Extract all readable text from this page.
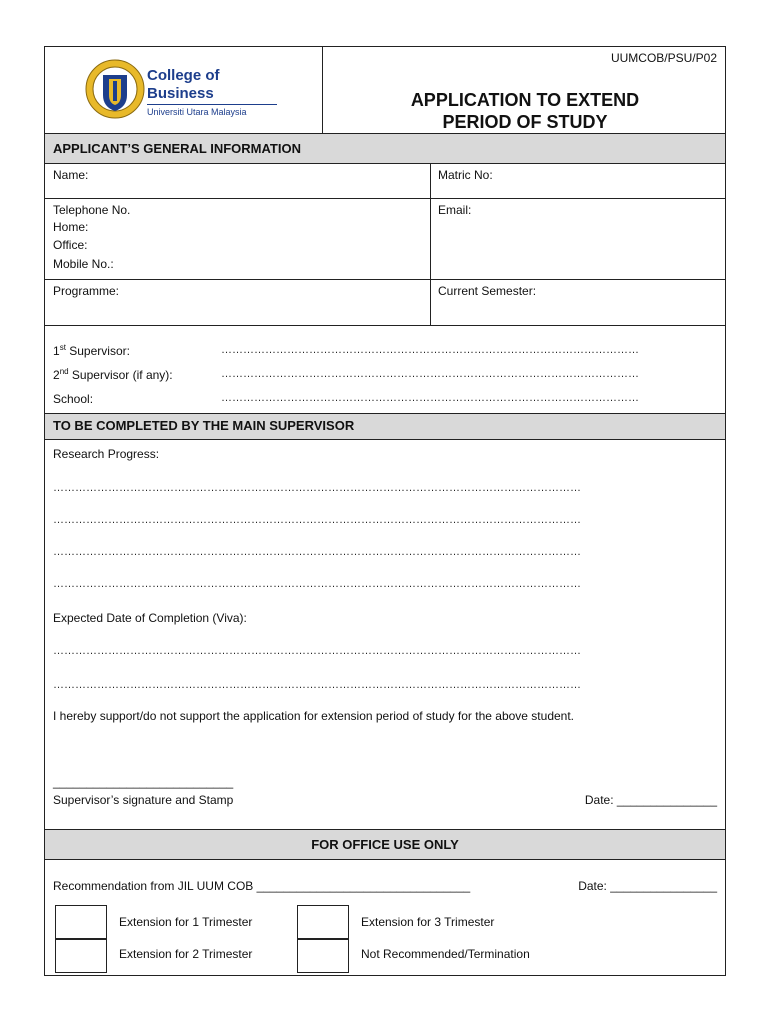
College of
Business
Universiti Utara Malaysia
UUMCOB/PSU/P02
APPLICATION TO EXTEND
PERIOD OF STUDY
APPLICANT’S GENERAL INFORMATION
Name:	Matric No:
Telephone No.
Home:
Office:
Mobile No.:
Email:
Programme:	Current Semester:
1st Supervisor:	……………………………………………………………………………………………………
2nd Supervisor (if any):	……………………………………………………………………………………………………
School:	……………………………………………………………………………………………………
TO BE COMPLETED BY THE MAIN SUPERVISOR
Research Progress:
………………………………………………………………………………………………………………………………
………………………………………………………………………………………………………………………………
………………………………………………………………………………………………………………………………
………………………………………………………………………………………………………………………………
Expected Date of Completion (Viva):
………………………………………………………………………………………………………………………………
………………………………………………………………………………………………………………………………
I hereby support/do not support the application for extension period of study for the above student.
___________________________
Supervisor’s signature and Stamp	Date: _______________
FOR OFFICE USE ONLY
Recommendation from JIL UUM COB ________________________________	Date: ________________
Extension for 1 Trimester	Extension for 3 Trimester
Extension for 2 Trimester	Not Recommended/Termination
